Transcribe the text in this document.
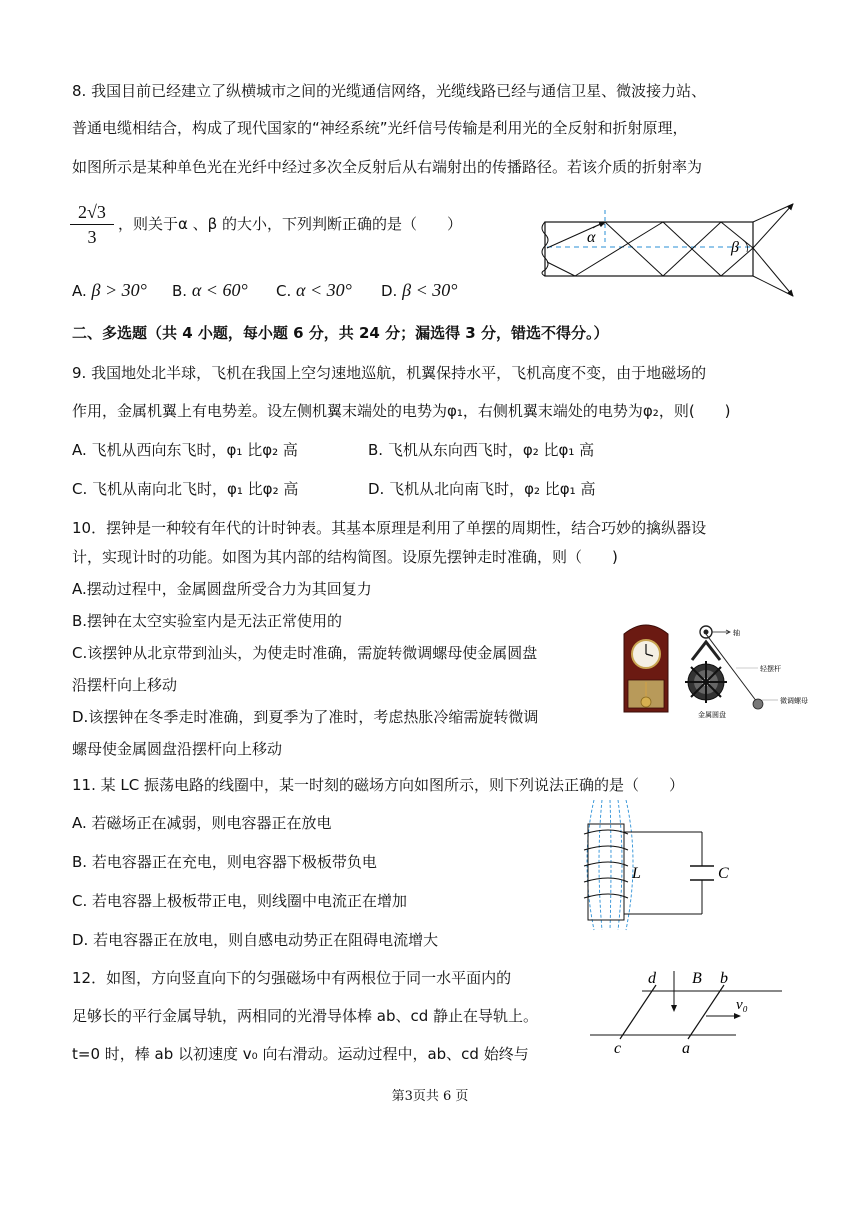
8. 我国目前已经建立了纵横城市之间的光缆通信网络，光缆线路已经与通信卫星、微波接力站、
普通电缆相结合，构成了现代国家的“神经系统”光纤信号传输是利用光的全反射和折射原理，
如图所示是某种单色光在光纤中经过多次全反射后从右端射出的传播路径。若该介质的折射率为
$\frac{2√3}{3}$ ，则关于α 、β 的大小，下列判断正确的是（　　）
α
β
A. β > 30° B. α < 60° C. α < 30° D. β < 30°
二、多选题（共 4 小题，每小题 6 分，共 24 分；漏选得 3 分，错选不得分。）
9. 我国地处北半球，飞机在我国上空匀速地巡航，机翼保持水平，飞机高度不变，由于地磁场的
作用，金属机翼上有电势差。设左侧机翼末端处的电势为φ₁，右侧机翼末端处的电势为φ₂，则(　　)
A. 飞机从西向东飞时，φ₁ 比φ₂ 高	B. 飞机从东向西飞时，φ₂ 比φ₁ 高
C. 飞机从南向北飞时，φ₁ 比φ₂ 高	D. 飞机从北向南飞时，φ₂ 比φ₁ 高
10．摆钟是一种较有年代的计时钟表。其基本原理是利用了单摆的周期性，结合巧妙的擒纵器设
计，实现计时的功能。如图为其内部的结构简图。设原先摆钟走时准确，则（　　)
A.摆动过程中，金属圆盘所受合力为其回复力
B.摆钟在太空实验室内是无法正常使用的
C.该摆钟从北京带到汕头，为使走时准确，需旋转微调螺母使金属圆盘
沿摆杆向上移动
D.该摆钟在冬季走时准确，到夏季为了准时，考虑热胀冷缩需旋转微调
螺母使金属圆盘沿摆杆向上移动
轴
轻摆杆
微调螺母
金属圆盘
11. 某 LC 振荡电路的线圈中，某一时刻的磁场方向如图所示，则下列说法正确的是（　　）
A. 若磁场正在减弱，则电容器正在放电
B. 若电容器正在充电，则电容器下极板带负电
C. 若电容器上极板带正电，则线圈中电流正在增加
D. 若电容器正在放电，则自感电动势正在阻碍电流增大
L	C
12．如图，方向竖直向下的匀强磁场中有两根位于同一水平面内的
足够长的平行金属导轨，两相同的光滑导体棒 ab、cd 静止在导轨上。
t=0 时，棒 ab 以初速度 v₀ 向右滑动。运动过程中，ab、cd 始终与
d B b
v₀
c	a
第3页共 6 页
